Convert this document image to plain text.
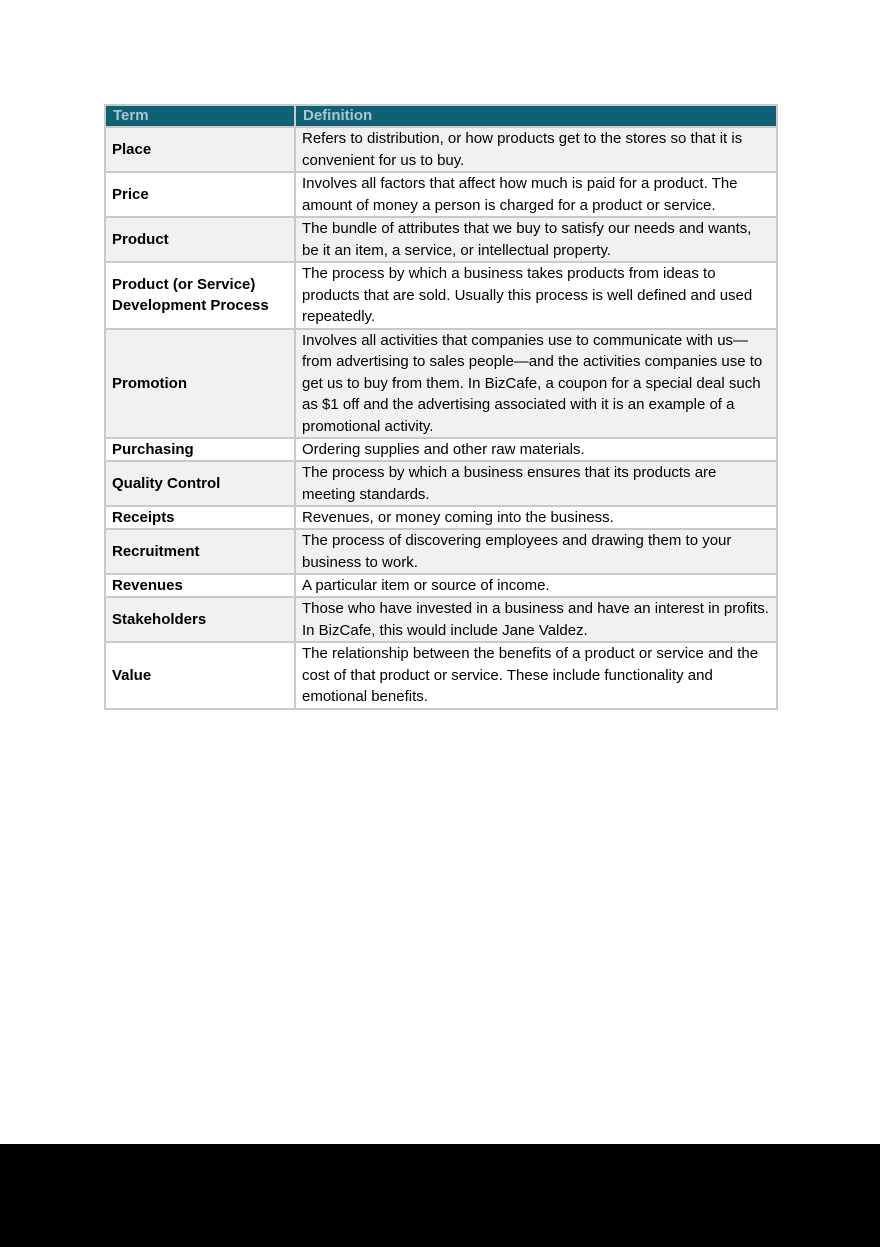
Term	Definition
Place	Refers to distribution, or how products get to the stores so that it is convenient for us to buy.
Price	Involves all factors that affect how much is paid for a product. The amount of money a person is charged for a product or service.
Product	The bundle of attributes that we buy to satisfy our needs and wants, be it an item, a service, or intellectual property.
Product (or Service) Development Process	The process by which a business takes products from ideas to products that are sold. Usually this process is well defined and used repeatedly.
Promotion	Involves all activities that companies use to communicate with us—from advertising to sales people—and the activities companies use to get us to buy from them. In BizCafe, a coupon for a special deal such as $1 off and the advertising associated with it is an example of a promotional activity.
Purchasing	Ordering supplies and other raw materials.
Quality Control	The process by which a business ensures that its products are meeting standards.
Receipts	Revenues, or money coming into the business.
Recruitment	The process of discovering employees and drawing them to your business to work.
Revenues	A particular item or source of income.
Stakeholders	Those who have invested in a business and have an interest in profits. In BizCafe, this would include Jane Valdez.
Value	The relationship between the benefits of a product or service and the cost of that product or service. These include functionality and emotional benefits.
